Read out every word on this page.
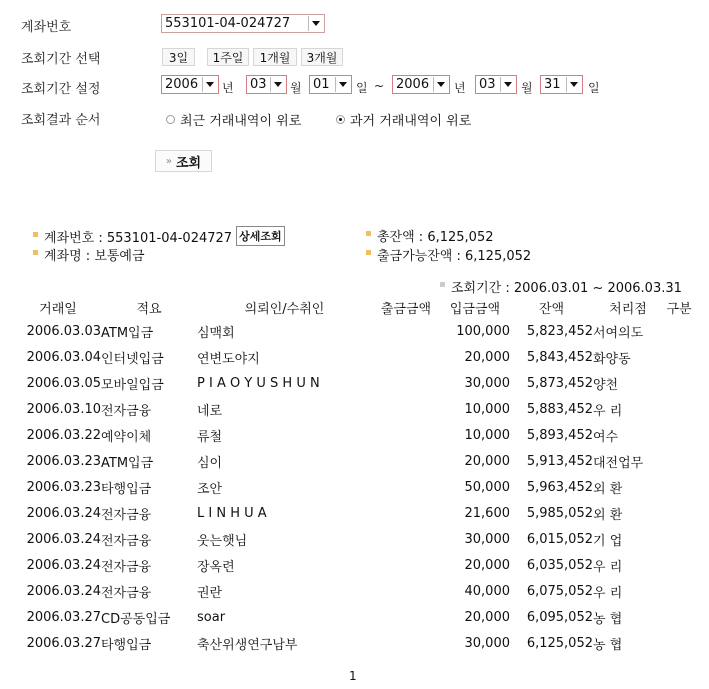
계좌번호	553101-04-024727
조회기간 선택	3일	1주일	1개월	3개월
조회기간 설정	2006 년 03 월 01 일 ~ 2006 년 03 월 31 일
조회결과 순서	최근 거래내역이 위로	과거 거래내역이 위로
» 조회
계좌번호 : 553101-04-024727 상세조회
계좌명 : 보통예금
총잔액 : 6,125,052
출금가능잔액 : 6,125,052
조회기간 : 2006.03.01 ~ 2006.03.31
거래일	적요	의뢰인/수취인	출금금액	입금금액	잔액	처리점	구분
2006.03.03	ATM입금	심맥회		100,000	5,823,452	서여의도	
2006.03.04	인터넷입금	연변도야지		20,000	5,843,452	화양동	
2006.03.05	모바일입금	P I A O Y U S H U N		30,000	5,873,452	양천	
2006.03.10	전자금융	네로		10,000	5,883,452	우 리	
2006.03.22	예약이체	류철		10,000	5,893,452	여수	
2006.03.23	ATM입금	심이		20,000	5,913,452	대전업무	
2006.03.23	타행입금	조안		50,000	5,963,452	외 환	
2006.03.24	전자금융	L I N H U A		21,600	5,985,052	외 환	
2006.03.24	전자금융	웃는햇님		30,000	6,015,052	기 업	
2006.03.24	전자금융	장옥련		20,000	6,035,052	우 리	
2006.03.24	전자금융	권란		40,000	6,075,052	우 리	
2006.03.27	CD공동입금	soar		20,000	6,095,052	농 협	
2006.03.27	타행입금	축산위생연구남부		30,000	6,125,052	농 협	
1
